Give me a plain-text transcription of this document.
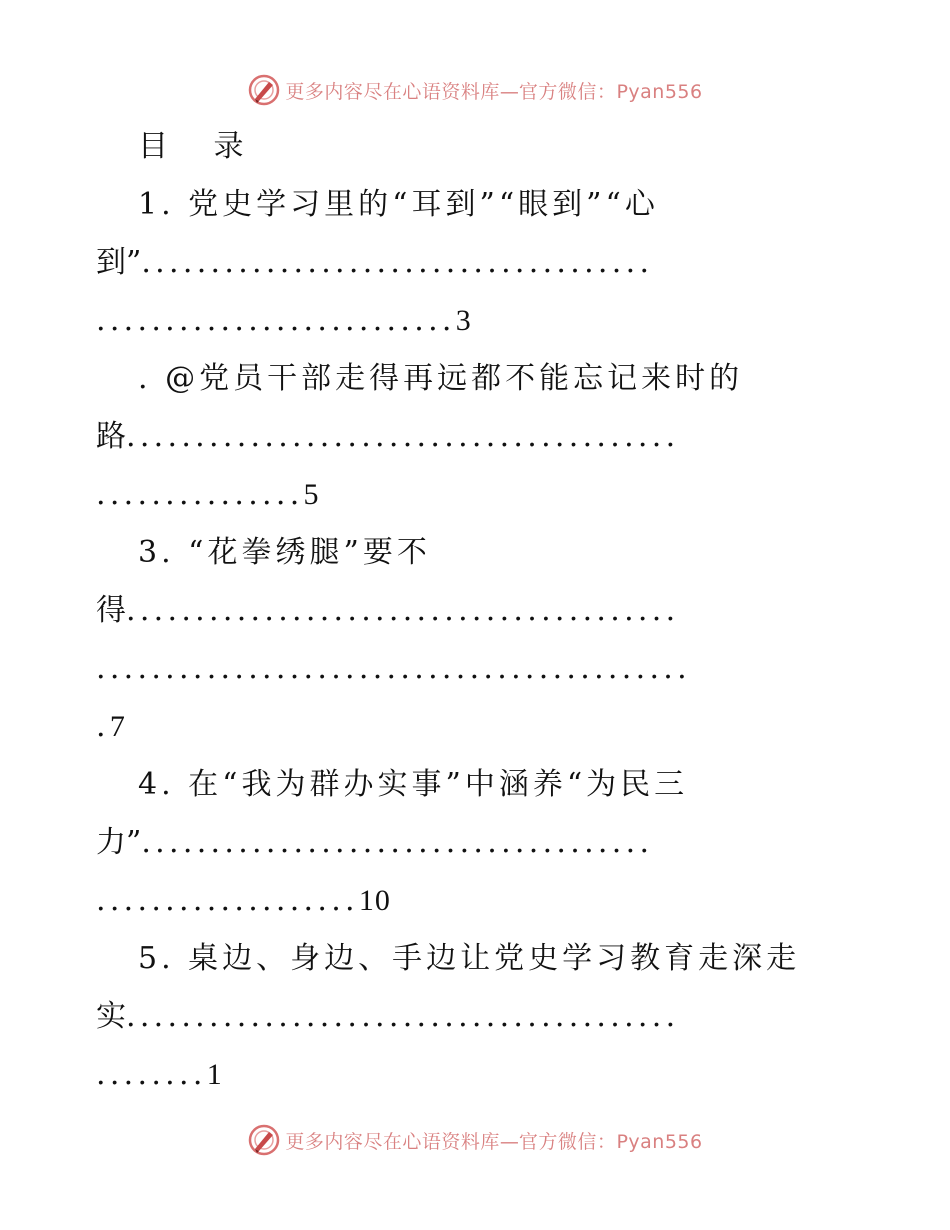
更多内容尽在心语资料库—官方微信：Pyan556
目 录
1. 党史学习里的“耳到”“眼到”“心
到”.....................................
..........................3
. @党员干部走得再远都不能忘记来时的
路........................................
...............5
3. “花拳绣腿”要不
得........................................
...........................................
.7
4. 在“我为群办实事”中涵养“为民三
力”.....................................
...................10
5. 桌边、身边、手边让党史学习教育走深走
实........................................
........1
更多内容尽在心语资料库—官方微信：Pyan556
